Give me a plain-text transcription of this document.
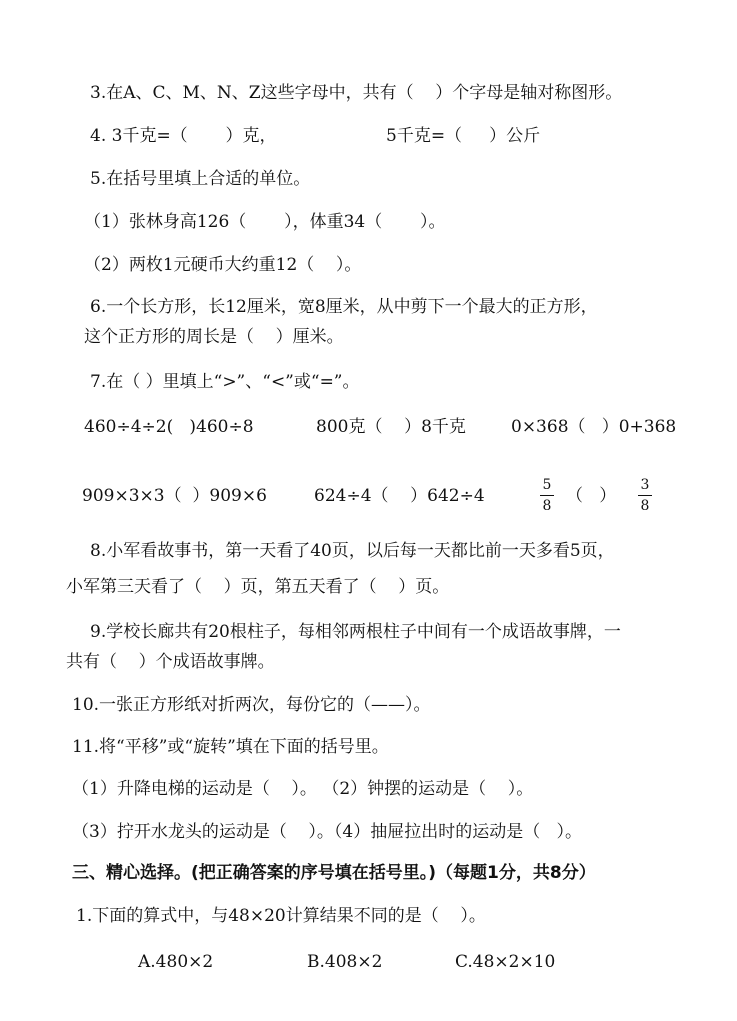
3.在A、C、M、N、Z这些字母中，共有（    ）个字母是轴对称图形。
4. 3千克=（       ）克，	5千克=（     ）公斤
5.在括号里填上合适的单位。
（1）张林身高126（       ），体重34（       ）。
（2）两枚1元硬币大约重12（    ）。
6.一个长方形，长12厘米，宽8厘米，从中剪下一个最大的正方形，
这个正方形的周长是（    ）厘米。
7.在（ ）里填上“>”、“<”或“=”。
460÷4÷2(   )460÷8	800克（    ）8千克	0×368（   ）0+368
909×3×3（  ）909×6	624÷4（    ）642÷4
5
8 （   ）
3
8
8.小军看故事书，第一天看了40页，以后每一天都比前一天多看5页，
小军第三天看了（    ）页，第五天看了（    ）页。
9.学校长廊共有20根柱子，每相邻两根柱子中间有一个成语故事牌，一
共有（    ）个成语故事牌。
10.一张正方形纸对折两次，每份它的（——）。
11.将“平移”或“旋转”填在下面的括号里。
（1）升降电梯的运动是（    ）。 （2）钟摆的运动是（    ）。
（3）拧开水龙头的运动是（    ）。（4）抽屉拉出时的运动是（   ）。
三、精心选择。(把正确答案的序号填在括号里。)（每题1分，共8分）
1.下面的算式中，与48×20计算结果不同的是（    ）。
A.480×2	B.408×2	C.48×2×10
